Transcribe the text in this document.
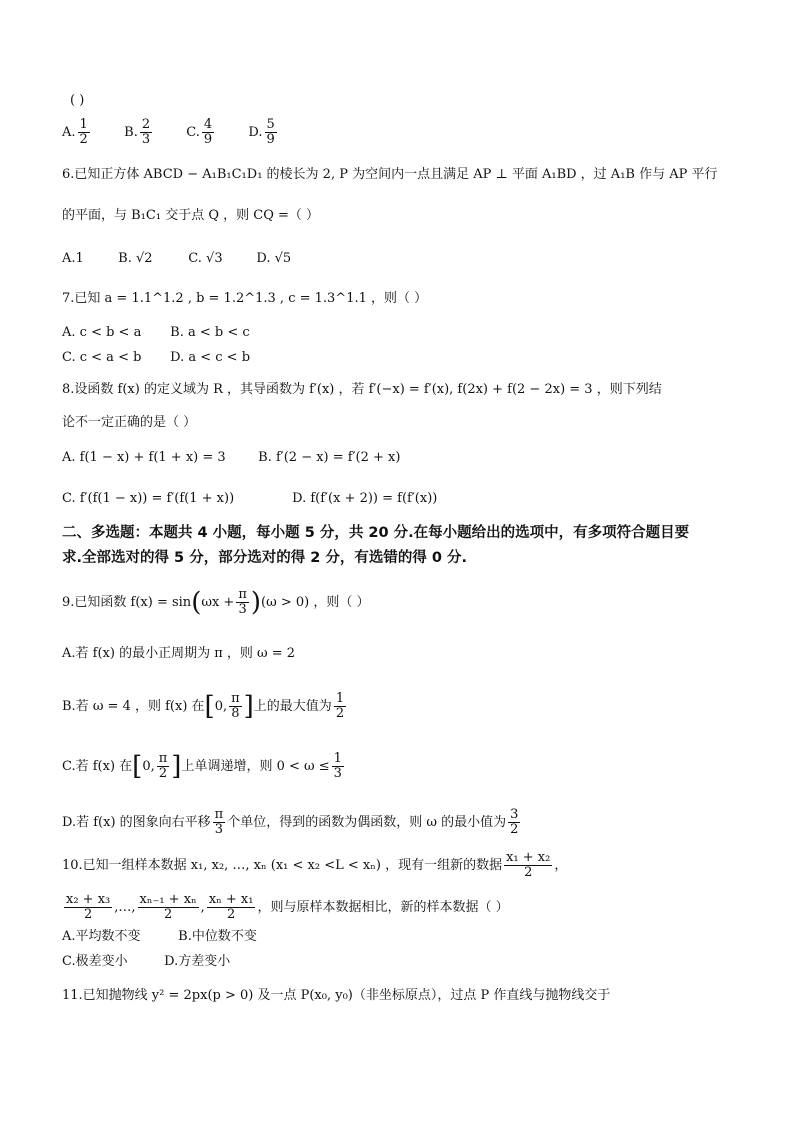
( )
A. $\frac{1}{2}$	B. $\frac{2}{3}$	C. $\frac{4}{9}$	D. $\frac{5}{9}$
6.已知正方体 ABCD − A₁B₁C₁D₁ 的棱长为 2, P 为空间内一点且满足 AP ⊥ 平面 A₁BD ，过 A₁B 作与 AP 平行
的平面，与 B₁C₁ 交于点 Q ，则 CQ =（ ）
A.1	B. √2	C. √3	D. √5
7.已知 a = 1.1^1.2 , b = 1.2^1.3 , c = 1.3^1.1 ，则（ ）
A. c < b < a B. a < b < c
C. c < a < b D. a < c < b
8.设函数 f(x) 的定义域为 R ，其导函数为 f′(x) ，若 f′(−x) = f′(x), f(2x) + f(2 − 2x) = 3 ，则下列结
论不一定正确的是（ ）
A. f(1 − x) + f(1 + x) = 3 B. f′(2 − x) = f′(2 + x)
C. f′(f(1 − x)) = f′(f(1 + x))	D. f(f′(x + 2)) = f(f′(x))
二、多选题：本题共 4 小题，每小题 5 分，共 20 分.在每小题给出的选项中，有多项符合题目要
求.全部选对的得 5 分，部分选对的得 2 分，有选错的得 0 分.
9.已知函数 $f(x) = \sin(\omega x + \frac{\pi}{3} )(\omega > 0)$ ，则（ ）
A.若 f(x) 的最小正周期为 π ，则 ω = 2
B.若 ω = 4 ，则 f(x) 在[0, $\frac{\pi}{8}$ ]上的最大值为 $\frac{1}{2}$
C.若 f(x) 在[0, $\frac{\pi}{2}$ ]上单调递增，则 $0 < \omega \le \frac{1}{3}$
D.若 f(x) 的图象向右平移 $\frac{\pi}{3}$ 个单位，得到的函数为偶函数，则 ω 的最小值为 $\frac{3}{2}$
10.已知一组样本数据 x₁, x₂, …, xₙ (x₁ < x₂ <L < xₙ) ，现有一组新的数据 $\frac{\text{x₁ + x₂}}{2}$ ，
$\frac{\text{x₂ + x₃}}{2}$ ,…, $\frac{\text{xₙ₋₁ + xₙ}}{2}$ , $\frac{\text{xₙ + x₁}}{2}$ ，则与原样本数据相比，新的样本数据（ ）
A.平均数不变	B.中位数不变
C.极差变小	D.方差变小
11.已知抛物线 y² = 2px(p > 0) 及一点 P(x₀, y₀)（非坐标原点），过点 P 作直线与抛物线交于
